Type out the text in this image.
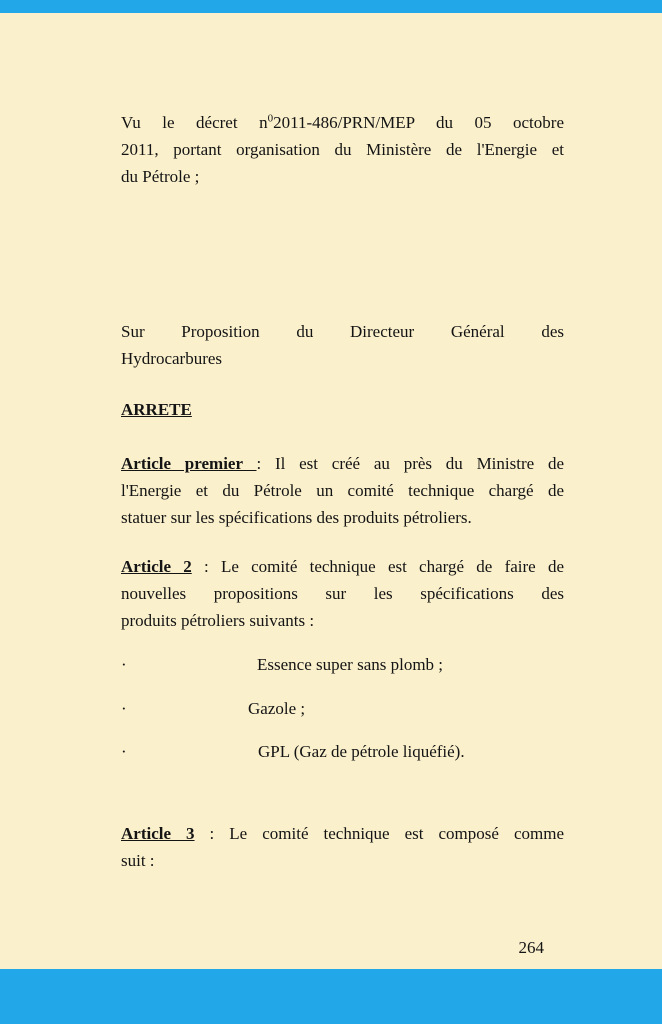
Vu le décret $n^02011-486/PRN$/MEP du 05 octobre
2011, portant organisation du Ministère de l'Energie et
du Pétrole ;
Sur Proposition du Directeur Général des
Hydrocarbures
ARRETE
Article premier : Il est créé au près du Ministre de
l'Energie et du Pétrole un comité technique chargé de
statuer sur les spécifications des produits pétroliers.
Article 2 : Le comité technique est chargé de faire de
nouvelles propositions sur les spécifications des
produits pétroliers suivants :
·	Essence super sans plomb ;
·	Gazole ;
·	GPL (Gaz de pétrole liquéfié).
Article 3 : Le comité technique est composé comme
suit :
264
